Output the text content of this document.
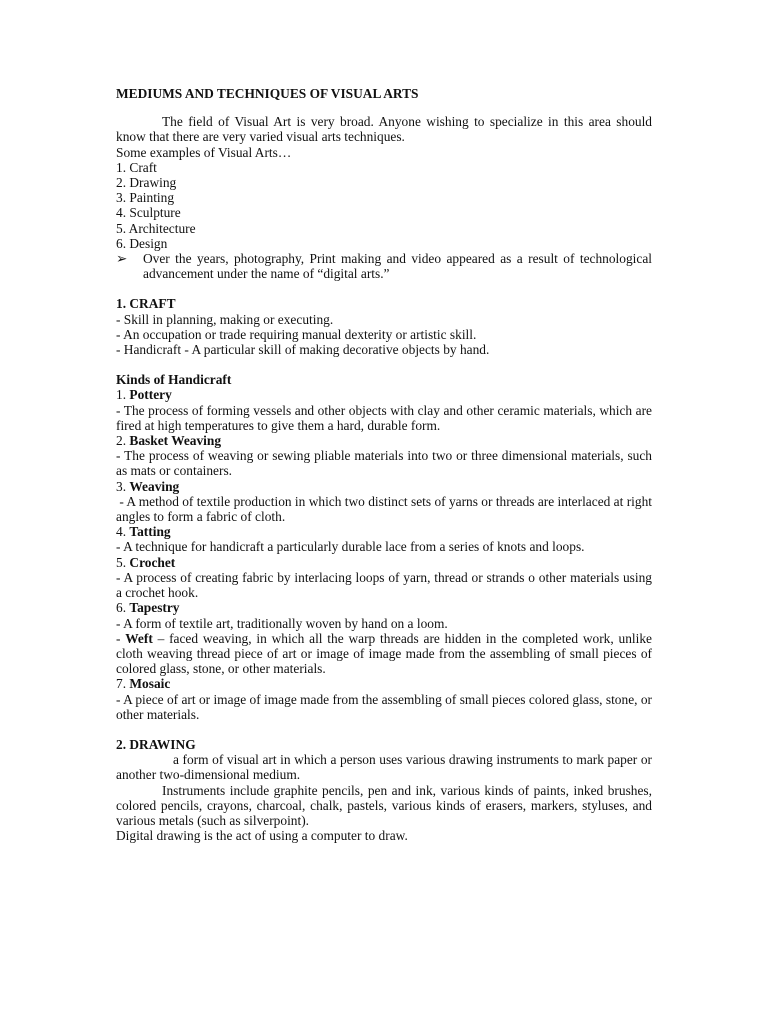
MEDIUMS AND TECHNIQUES OF VISUAL ARTS
The field of Visual Art is very broad. Anyone wishing to specialize in this area should know that there are very varied visual arts techniques.
Some examples of Visual Arts…
1. Craft
2. Drawing
3. Painting
4. Sculpture
5. Architecture
6. Design
➢	Over the years, photography, Print making and video appeared as a result of technological advancement under the name of “digital arts.”
1. CRAFT
- Skill in planning, making or executing.
- An occupation or trade requiring manual dexterity or artistic skill.
- Handicraft - A particular skill of making decorative objects by hand.
Kinds of Handicraft
1. Pottery
- The process of forming vessels and other objects with clay and other ceramic materials, which are fired at high temperatures to give them a hard, durable form.
2. Basket Weaving
- The process of weaving or sewing pliable materials into two or three dimensional materials, such as mats or containers.
3. Weaving
- A method of textile production in which two distinct sets of yarns or threads are interlaced at right angles to form a fabric of cloth.
4. Tatting
- A technique for handicraft a particularly durable lace from a series of knots and loops.
5. Crochet
- A process of creating fabric by interlacing loops of yarn, thread or strands o other materials using a crochet hook.
6. Tapestry
- A form of textile art, traditionally woven by hand on a loom.
- Weft – faced weaving, in which all the warp threads are hidden in the completed work, unlike cloth weaving thread piece of art or image of image made from the assembling of small pieces of colored glass, stone, or other materials.
7. Mosaic
- A piece of art or image of image made from the assembling of small pieces colored glass, stone, or other materials.
2. DRAWING
a form of visual art in which a person uses various drawing instruments to mark paper or another two-dimensional medium.
Instruments include graphite pencils, pen and ink, various kinds of paints, inked brushes, colored pencils, crayons, charcoal, chalk, pastels, various kinds of erasers, markers, styluses, and various metals (such as silverpoint).
Digital drawing is the act of using a computer to draw.
